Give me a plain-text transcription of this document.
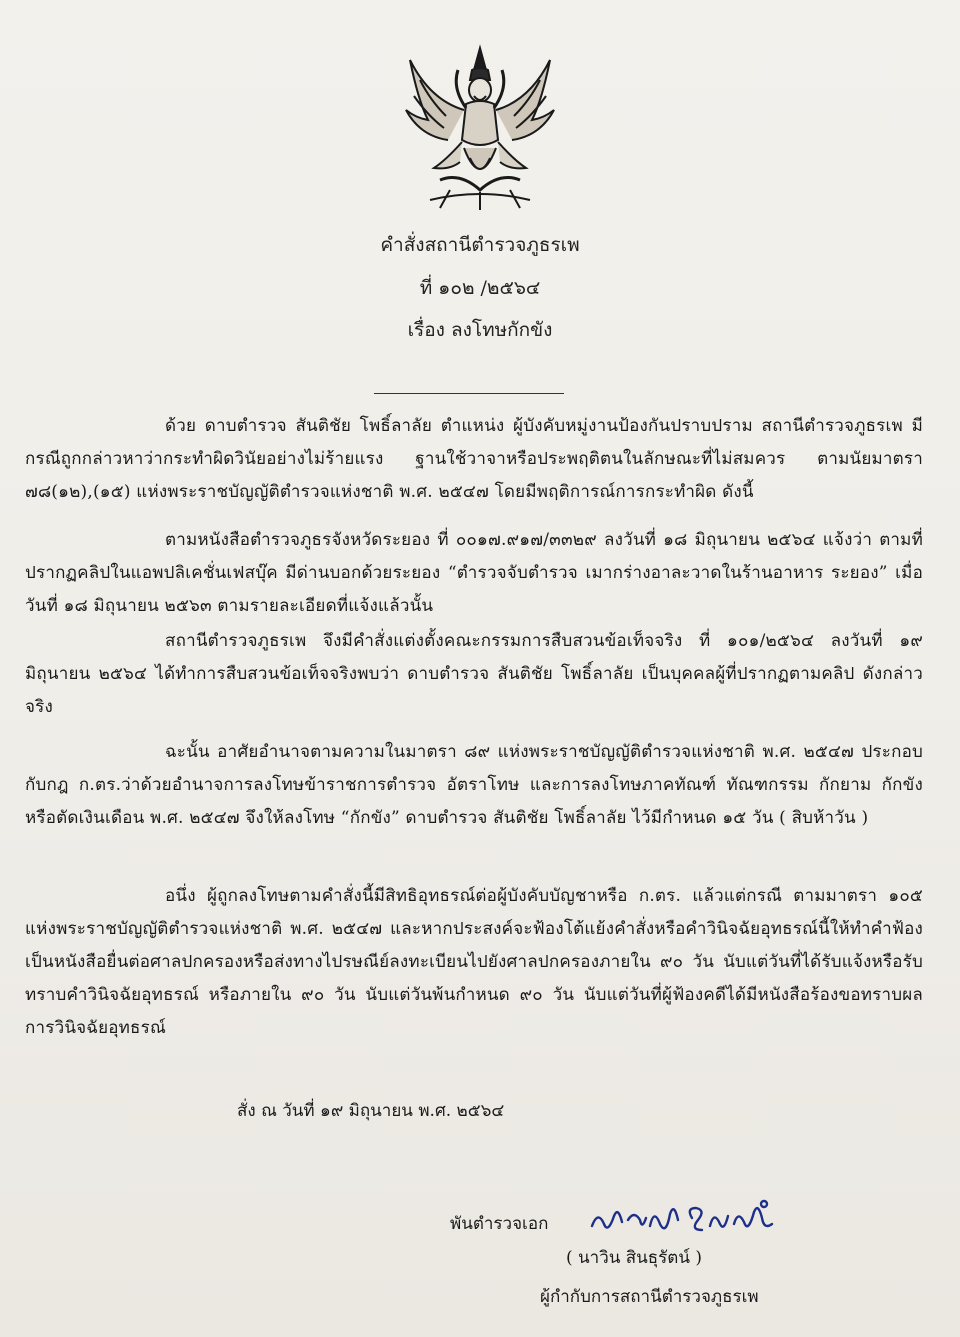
คำสั่งสถานีตำรวจภูธรเพ
ที่ ๑๐๒ /๒๕๖๔
เรื่อง ลงโทษกักขัง

ด้วย ดาบตำรวจ สันติชัย โพธิ์ลาลัย ตำแหน่ง ผู้บังคับหมู่งานป้องกันปราบปราม สถานีตำรวจภูธรเพ มีกรณีถูกกล่าวหาว่ากระทำผิดวินัยอย่างไม่ร้ายแรง ฐานใช้วาจาหรือประพฤติตนในลักษณะที่ไม่สมควร ตามนัยมาตรา ๗๘(๑๒),(๑๕) แห่งพระราชบัญญัติตำรวจแห่งชาติ พ.ศ. ๒๕๔๗ โดยมีพฤติการณ์การกระทำผิด ดังนี้

ตามหนังสือตำรวจภูธรจังหวัดระยอง ที่ ๐๐๑๗.๙๑๗/๓๓๒๙ ลงวันที่ ๑๘ มิถุนายน ๒๕๖๔ แจ้งว่า ตามที่ปรากฏคลิปในแอพปลิเคชั่นเฟสบุ๊ค มีด่านบอกด้วยระยอง “ตำรวจจับตำรวจ เมากร่างอาละวาดในร้านอาหาร ระยอง” เมื่อวันที่ ๑๘ มิถุนายน ๒๕๖๓ ตามรายละเอียดที่แจ้งแล้วนั้น

สถานีตำรวจภูธรเพ จึงมีคำสั่งแต่งตั้งคณะกรรมการสืบสวนข้อเท็จจริง ที่ ๑๐๑/๒๕๖๔ ลงวันที่ ๑๙ มิถุนายน ๒๕๖๔ ได้ทำการสืบสวนข้อเท็จจริงพบว่า ดาบตำรวจ สันติชัย โพธิ์ลาลัย เป็นบุคคลผู้ที่ปรากฏตามคลิป ดังกล่าวจริง

ฉะนั้น อาศัยอำนาจตามความในมาตรา ๘๙ แห่งพระราชบัญญัติตำรวจแห่งชาติ พ.ศ. ๒๕๔๗ ประกอบกับกฎ ก.ตร.ว่าด้วยอำนาจการลงโทษข้าราชการตำรวจ อัตราโทษ และการลงโทษภาคทัณฑ์ ทัณฑกรรม กักยาม กักขัง หรือตัดเงินเดือน พ.ศ. ๒๕๔๗ จึงให้ลงโทษ “กักขัง” ดาบตำรวจ สันติชัย โพธิ์ลาลัย ไว้มีกำหนด ๑๕ วัน ( สิบห้าวัน )

อนึ่ง ผู้ถูกลงโทษตามคำสั่งนี้มีสิทธิอุทธรณ์ต่อผู้บังคับบัญชาหรือ ก.ตร. แล้วแต่กรณี ตามมาตรา ๑๐๕ แห่งพระราชบัญญัติตำรวจแห่งชาติ พ.ศ. ๒๕๔๗ และหากประสงค์จะฟ้องโต้แย้งคำสั่งหรือคำวินิจฉัยอุทธรณ์นี้ให้ทำคำฟ้องเป็นหนังสือยื่นต่อศาลปกครองหรือส่งทางไปรษณีย์ลงทะเบียนไปยังศาลปกครองภายใน ๙๐ วัน นับแต่วันที่ได้รับแจ้งหรือรับทราบคำวินิจฉัยอุทธรณ์ หรือภายใน ๙๐ วัน นับแต่วันพ้นกำหนด ๙๐ วัน นับแต่วันที่ผู้ฟ้องคดีได้มีหนังสือร้องขอทราบผลการวินิจฉัยอุทธรณ์

สั่ง ณ วันที่ ๑๙ มิถุนายน พ.ศ. ๒๕๖๔
พันตำรวจเอก
( นาวิน สินธุรัตน์ )
ผู้กำกับการสถานีตำรวจภูธรเพ
